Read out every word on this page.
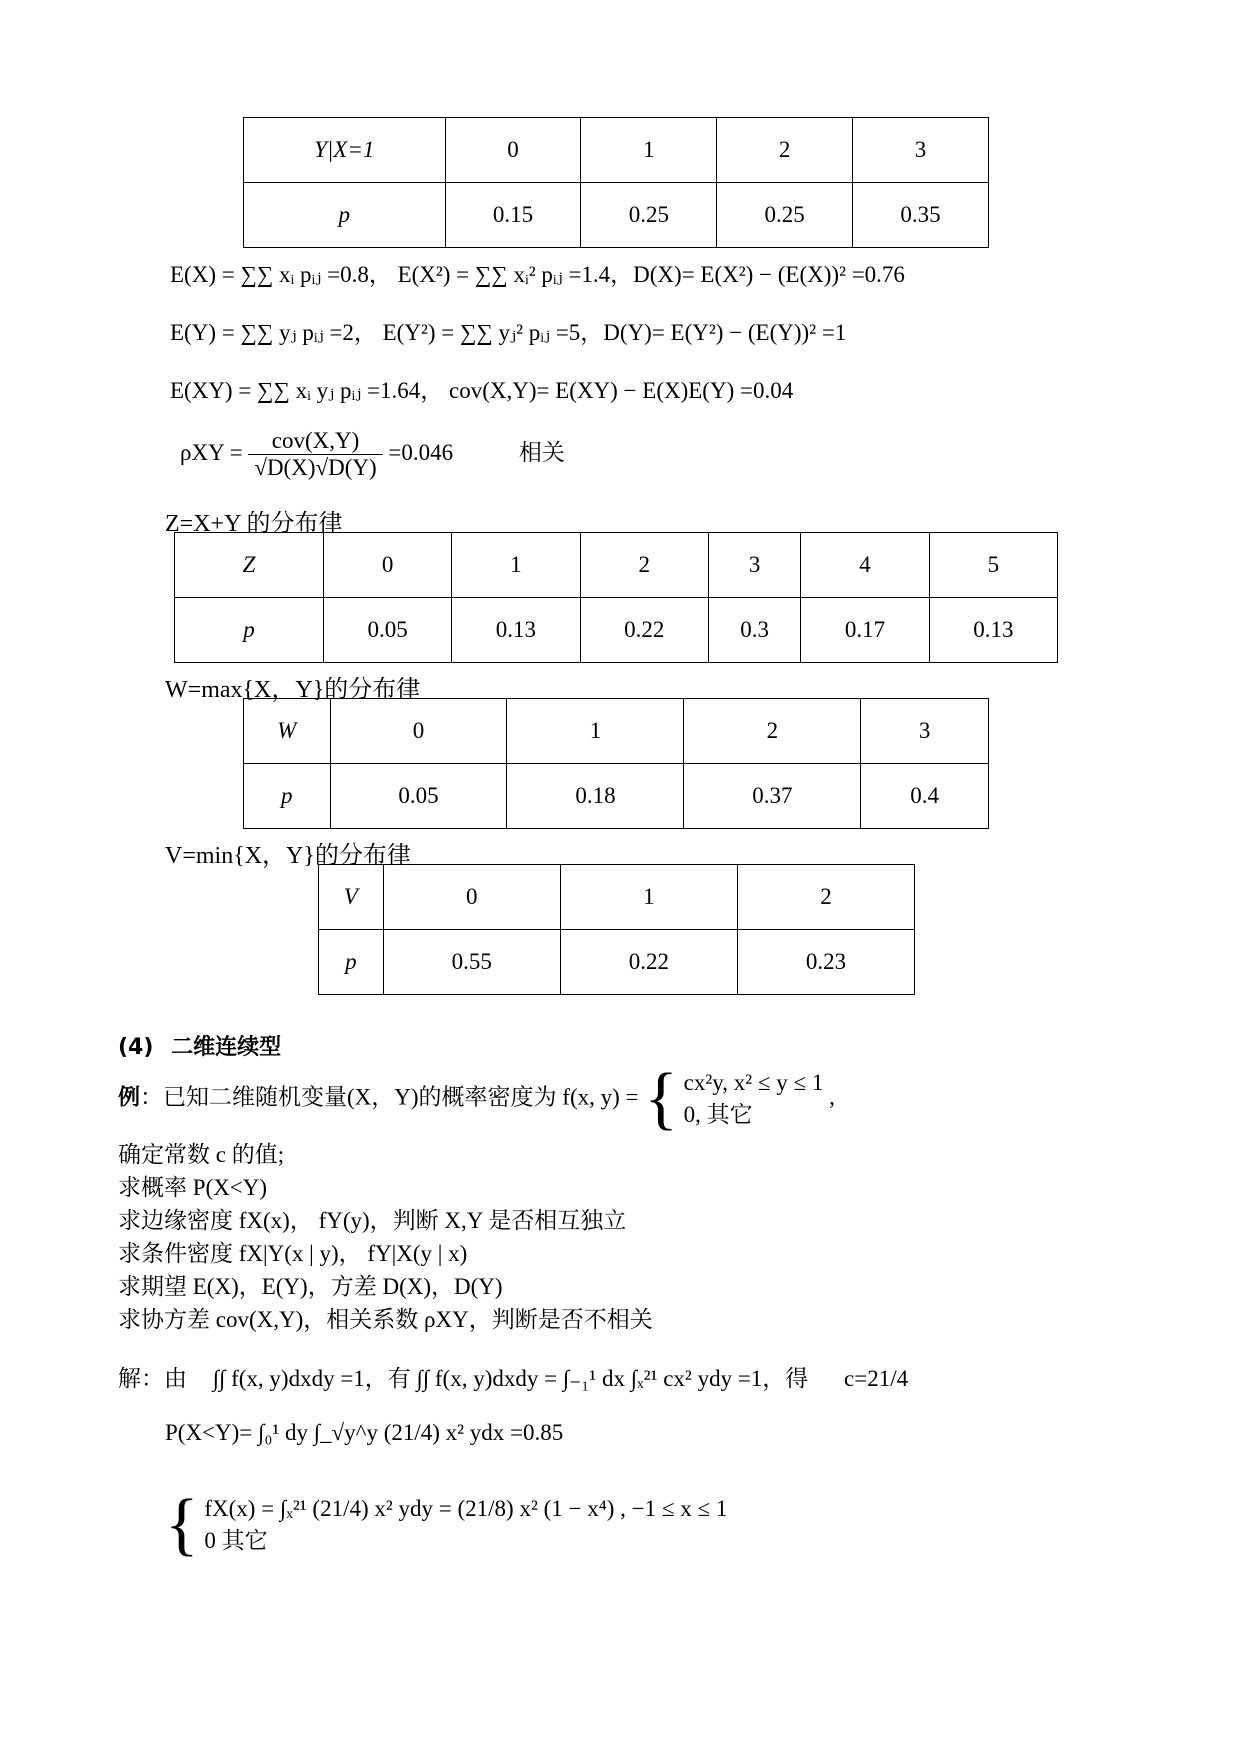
Y|X=1	0	1	2	3
p	0.15	0.25	0.25	0.35
E(X) = ∑∑ xᵢ pᵢⱼ =0.8， E(X²) = ∑∑ xᵢ² pᵢⱼ =1.4，D(X)= E(X²) − (E(X))² =0.76
E(Y) = ∑∑ yⱼ pᵢⱼ =2， E(Y²) = ∑∑ yⱼ² pᵢⱼ =5，D(Y)= E(Y²) − (E(Y))² =1
E(XY) = ∑∑ xᵢ yⱼ pᵢⱼ =1.64， cov(X,Y)= E(XY) − E(X)E(Y) =0.04
$\rho XY = \frac{\text{cov(X,Y)}}{√D(X)√D(Y)} =0.046$	相关
Z=X+Y 的分布律
Z	0	1	2	3	4	5
p	0.05	0.13	0.22	0.3	0.17	0.13
W=max{X，Y}的分布律
W	0	1	2	3
p	0.05	0.18	0.37	0.4
V=min{X，Y}的分布律
V	0	1	2
p	0.55	0.22	0.23
(4) 二维连续型
例：已知二维随机变量(X，Y)的概率密度为 f(x, y) = { cx²y, x² ≤ y ≤ 1
0, 其它
,
确定常数 c 的值;
求概率 P(X<Y)
求边缘密度 fX(x)， fY(y)，判断 X,Y 是否相互独立
求条件密度 fX|Y(x | y)， fY|X(y | x)
求期望 E(X)，E(Y)，方差 D(X)，D(Y)
求协方差 cov(X,Y)，相关系数 ρXY，判断是否不相关
解：由 ∫∫ f(x, y)dxdy =1，有 ∫∫ f(x, y)dxdy = ∫₋₁¹ dx ∫ₓ²¹ cx² ydy =1，得 c=21/4
P(X<Y)= ∫₀¹ dy ∫_√y^y (21/4) x² ydx =0.85
{ fX(x) = ∫ₓ²¹ (21/4) x² ydy = (21/8) x² (1 − x⁴) , −1 ≤ x ≤ 1
0 其它
